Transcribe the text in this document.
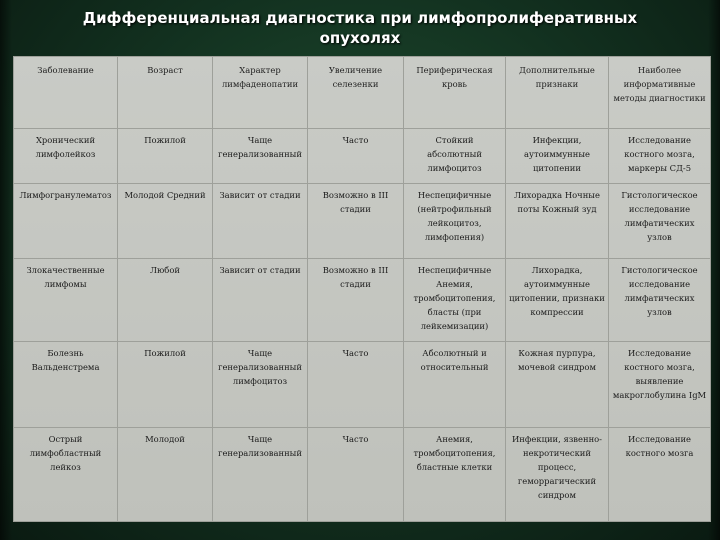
Дифференциальная диагностика при лимфопролиферативных
опухолях
Заболевание	Возраст	Характер лимфаденопатии	Увеличение селезенки	Периферическая кровь	Дополнительные признаки	Наиболее информативные методы диагностики
Хронический лимфолейкоз	Пожилой	Чаще генерализованный	Часто	Стойкий абсолютный лимфоцитоз	Инфекции, аутоиммунные цитопении	Исследование костного мозга, маркеры CД-5
Лимфогранулематоз	Молодой Средний	Зависит от стадии	Возможно в III стадии	Неспецифичные (нейтрофильный лейкоцитоз, лимфопения)	Лихорадка Ночные поты Кожный зуд	Гистологическое исследование лимфатических узлов
Злокачественные лимфомы	Любой	Зависит от стадии	Возможно в III стадии	Неспецифичные Анемия, тромбоцитопения, бласты (при лейкемизации)	Лихорадка, аутоиммунные цитопении, признаки компрессии	Гистологическое исследование лимфатических узлов
Болезнь Вальденстрема	Пожилой	Чаще генерализованный лимфоцитоз	Часто	Абсолютный и относительный	Кожная пурпура, мочевой синдром	Исследование костного мозга, выявление макроглобулина IgM
Острый лимфобластный лейкоз	Молодой	Чаще генерализованный	Часто	Анемия, тромбоцитопения, бластные клетки	Инфекции, язвенно-некротический процесс, геморрагический синдром	Исследование костного мозга
